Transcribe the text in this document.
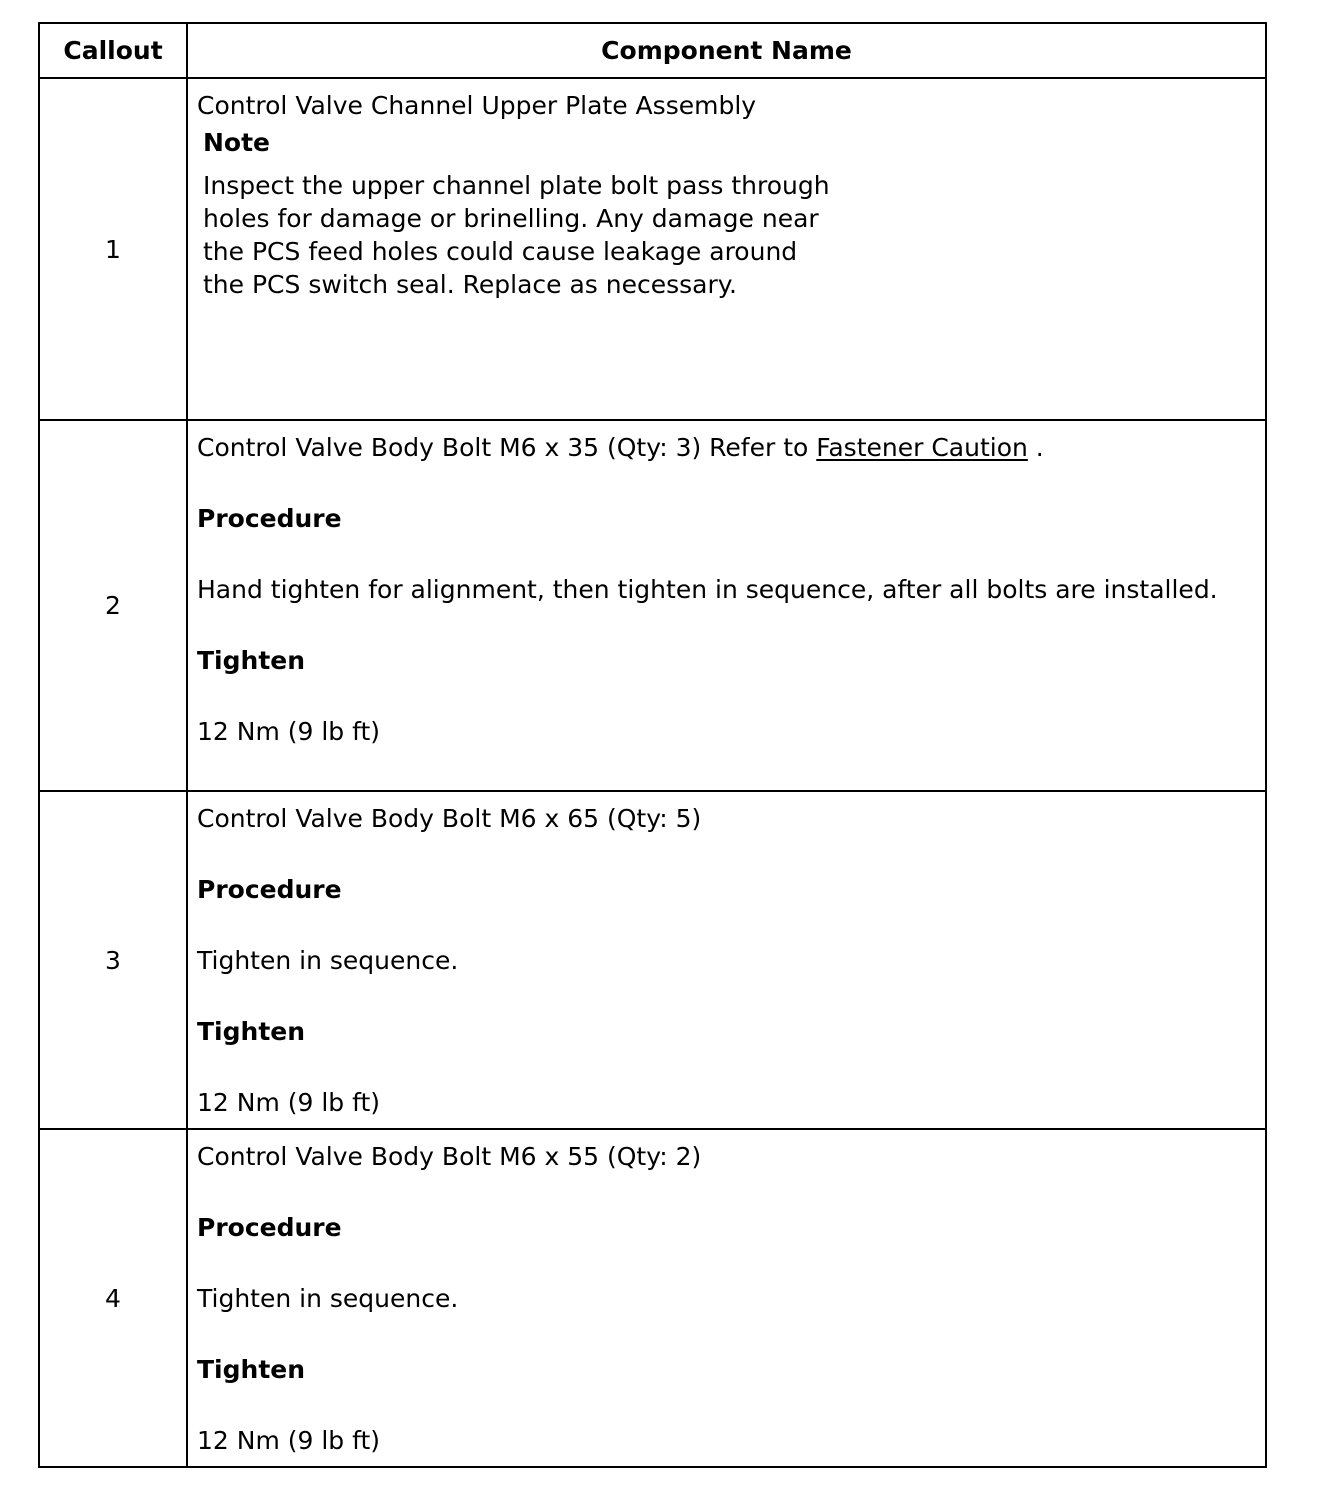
Callout	Component Name
1	Control Valve Channel Upper Plate Assembly
Note
Inspect the upper channel plate bolt pass through holes for damage or brinelling. Any damage near the PCS feed holes could cause leakage around the PCS switch seal. Replace as necessary.

2	Control Valve Body Bolt M6 x 35 (Qty: 3) Refer to Fastener Caution .
Procedure
Hand tighten for alignment, then tighten in sequence, after all bolts are installed.
Tighten
12 Nm (9 lb ft)

3	Control Valve Body Bolt M6 x 65 (Qty: 5)
Procedure
Tighten in sequence.
Tighten
12 Nm (9 lb ft)

4	Control Valve Body Bolt M6 x 55 (Qty: 2)
Procedure
Tighten in sequence.
Tighten
12 Nm (9 lb ft)
